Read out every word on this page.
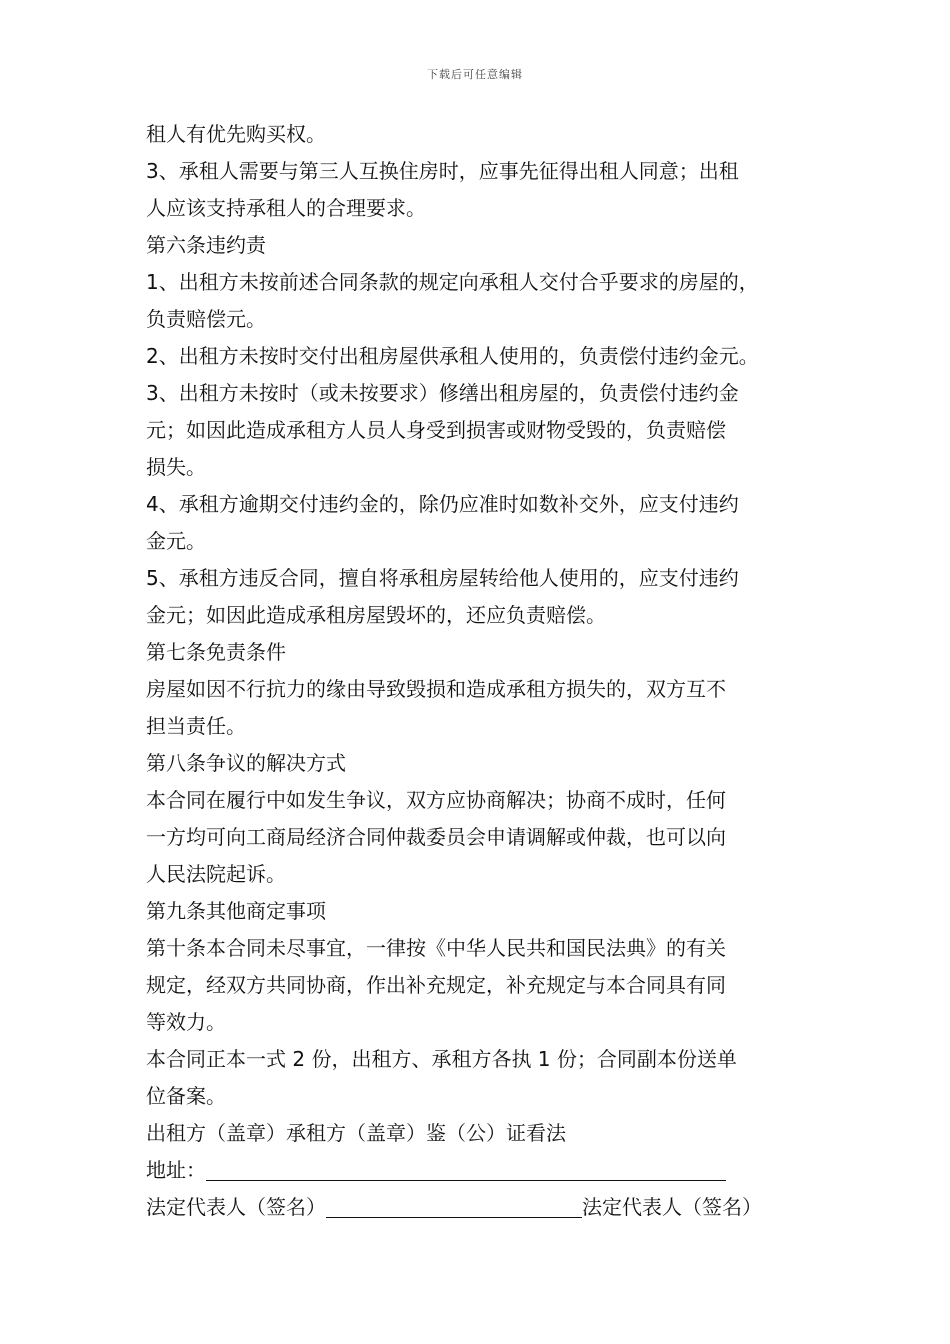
下载后可任意编辑
租人有优先购买权。
3、承租人需要与第三人互换住房时，应事先征得出租人同意；出租
人应该支持承租人的合理要求。
第六条违约责
1、出租方未按前述合同条款的规定向承租人交付合乎要求的房屋的，
负责赔偿元。
2、出租方未按时交付出租房屋供承租人使用的，负责偿付违约金元。
3、出租方未按时（或未按要求）修缮出租房屋的，负责偿付违约金
元；如因此造成承租方人员人身受到损害或财物受毁的，负责赔偿
损失。
4、承租方逾期交付违约金的，除仍应准时如数补交外，应支付违约
金元。
5、承租方违反合同，擅自将承租房屋转给他人使用的，应支付违约
金元；如因此造成承租房屋毁坏的，还应负责赔偿。
第七条免责条件
房屋如因不行抗力的缘由导致毁损和造成承租方损失的，双方互不
担当责任。
第八条争议的解决方式
本合同在履行中如发生争议，双方应协商解决；协商不成时，任何
一方均可向工商局经济合同仲裁委员会申请调解或仲裁，也可以向
人民法院起诉。
第九条其他商定事项
第十条本合同未尽事宜，一律按《中华人民共和国民法典》的有关
规定，经双方共同协商，作出补充规定，补充规定与本合同具有同
等效力。
本合同正本一式 2 份，出租方、承租方各执 1 份；合同副本份送单
位备案。
出租方（盖章）承租方（盖章）鉴（公）证看法
地址：
法定代表人（签名）	法定代表人（签名）
